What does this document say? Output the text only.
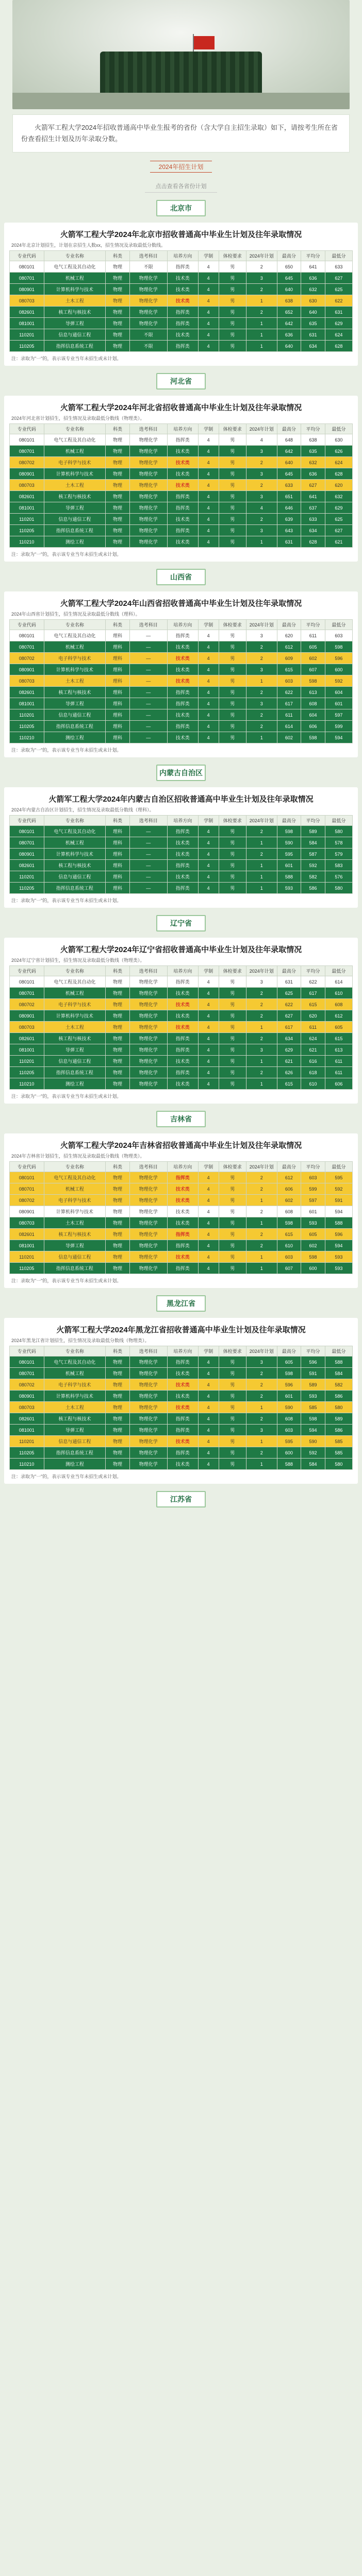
火箭军工程大学2024年招收普通高中毕业生报考的省份（含大学自主招生录取）如下，请按考生所在省份查看招生计划及历年录取分数。
2024年招生计划
点击查看各省份计划
北京市
火箭军工程大学2024年北京市招收普通高中毕业生计划及往年录取情况
2024年北京计划招生，计划在京招生人数xx，招生情况及录取最低分数线。
专业代码	专业名称	科类	选考科目	培养方向	学制	体检要求	2024年计划	最高分	平均分	最低分
080101	电气工程及其自动化	物理	不限	指挥类	4	男	2	650	641	633
080701	机械工程	物理	物理化学	技术类	4	男	3	645	636	627
080901	计算机科学与技术	物理	物理化学	技术类	4	男	2	640	632	625
080703	土木工程	物理	物理化学	技术类	4	男	1	638	630	622
082601	核工程与核技术	物理	物理化学	指挥类	4	男	2	652	640	631
081001	导弹工程	物理	物理化学	指挥类	4	男	1	642	635	629
110201	信息与通信工程	物理	不限	技术类	4	男	1	636	631	624
110205	指挥信息系统工程	物理	不限	指挥类	4	男	1	640	634	628
注：录取为"一"的，表示该专业当年未招生或未计划。
河北省
火箭军工程大学2024年河北省招收普通高中毕业生计划及往年录取情况
2024年河北省计划招生，招生情况及录取最低分数线（物理类）。
专业代码	专业名称	科类	选考科目	培养方向	学制	体检要求	2024年计划	最高分	平均分	最低分
080101	电气工程及其自动化	物理	物理化学	指挥类	4	男	4	648	638	630
080701	机械工程	物理	物理化学	技术类	4	男	3	642	635	626
080702	电子科学与技术	物理	物理化学	技术类	4	男	2	640	632	624
080901	计算机科学与技术	物理	物理化学	技术类	4	男	3	645	636	628
080703	土木工程	物理	物理化学	技术类	4	男	2	633	627	620
082601	核工程与核技术	物理	物理化学	指挥类	4	男	3	651	641	632
081001	导弹工程	物理	物理化学	指挥类	4	男	4	646	637	629
110201	信息与通信工程	物理	物理化学	技术类	4	男	2	639	633	625
110205	指挥信息系统工程	物理	物理化学	指挥类	4	男	3	643	634	627
110210	测绘工程	物理	物理化学	技术类	4	男	1	631	628	621
注：录取为"一"的，表示该专业当年未招生或未计划。
山西省
火箭军工程大学2024年山西省招收普通高中毕业生计划及往年录取情况
2024年山西省计划招生，招生情况及录取最低分数线（理科）。
专业代码	专业名称	科类	选考科目	培养方向	学制	体检要求	2024年计划	最高分	平均分	最低分
080101	电气工程及其自动化	理科	—	指挥类	4	男	3	620	611	603
080701	机械工程	理科	—	技术类	4	男	2	612	605	598
080702	电子科学与技术	理科	—	技术类	4	男	2	609	602	596
080901	计算机科学与技术	理科	—	技术类	4	男	3	615	607	600
080703	土木工程	理科	—	技术类	4	男	1	603	598	592
082601	核工程与核技术	理科	—	指挥类	4	男	2	622	613	604
081001	导弹工程	理科	—	指挥类	4	男	3	617	608	601
110201	信息与通信工程	理科	—	技术类	4	男	2	611	604	597
110205	指挥信息系统工程	理科	—	指挥类	4	男	2	614	606	599
110210	测绘工程	理科	—	技术类	4	男	1	602	598	594
注：录取为"一"的，表示该专业当年未招生或未计划。
内蒙古自治区
火箭军工程大学2024年内蒙古自治区招收普通高中毕业生计划及往年录取情况
2024年内蒙古自治区计划招生，招生情况及录取最低分数线（理科）。
专业代码	专业名称	科类	选考科目	培养方向	学制	体检要求	2024年计划	最高分	平均分	最低分
080101	电气工程及其自动化	理科	—	指挥类	4	男	2	598	589	580
080701	机械工程	理科	—	技术类	4	男	1	590	584	578
080901	计算机科学与技术	理科	—	技术类	4	男	2	595	587	579
082601	核工程与核技术	理科	—	指挥类	4	男	1	601	592	583
110201	信息与通信工程	理科	—	技术类	4	男	1	588	582	576
110205	指挥信息系统工程	理科	—	指挥类	4	男	1	593	586	580
注：录取为"一"的，表示该专业当年未招生或未计划。
辽宁省
火箭军工程大学2024年辽宁省招收普通高中毕业生计划及往年录取情况
2024年辽宁省计划招生，招生情况及录取最低分数线（物理类）。
专业代码	专业名称	科类	选考科目	培养方向	学制	体检要求	2024年计划	最高分	平均分	最低分
080101	电气工程及其自动化	物理	物理化学	指挥类	4	男	3	631	622	614
080701	机械工程	物理	物理化学	技术类	4	男	2	625	617	610
080702	电子科学与技术	物理	物理化学	技术类	4	男	2	622	615	608
080901	计算机科学与技术	物理	物理化学	技术类	4	男	2	627	620	612
080703	土木工程	物理	物理化学	技术类	4	男	1	617	611	605
082601	核工程与核技术	物理	物理化学	指挥类	4	男	2	634	624	615
081001	导弹工程	物理	物理化学	指挥类	4	男	3	629	621	613
110201	信息与通信工程	物理	物理化学	技术类	4	男	1	621	616	611
110205	指挥信息系统工程	物理	物理化学	指挥类	4	男	2	626	618	611
110210	测绘工程	物理	物理化学	技术类	4	男	1	615	610	606
注：录取为"一"的，表示该专业当年未招生或未计划。
吉林省
火箭军工程大学2024年吉林省招收普通高中毕业生计划及往年录取情况
2024年吉林省计划招生，招生情况及录取最低分数线（物理类）。
专业代码	专业名称	科类	选考科目	培养方向	学制	体检要求	2024年计划	最高分	平均分	最低分
080101	电气工程及其自动化	物理	物理化学	指挥类	4	男	2	612	603	595
080701	机械工程	物理	物理化学	技术类	4	男	2	606	599	592
080702	电子科学与技术	物理	物理化学	技术类	4	男	1	602	597	591
080901	计算机科学与技术	物理	物理化学	技术类	4	男	2	608	601	594
080703	土木工程	物理	物理化学	技术类	4	男	1	598	593	588
082601	核工程与核技术	物理	物理化学	指挥类	4	男	2	615	605	596
081001	导弹工程	物理	物理化学	指挥类	4	男	2	610	602	594
110201	信息与通信工程	物理	物理化学	技术类	4	男	1	603	598	593
110205	指挥信息系统工程	物理	物理化学	指挥类	4	男	1	607	600	593
注：录取为"一"的，表示该专业当年未招生或未计划。
黑龙江省
火箭军工程大学2024年黑龙江省招收普通高中毕业生计划及往年录取情况
2024年黑龙江省计划招生，招生情况及录取最低分数线（物理类）。
专业代码	专业名称	科类	选考科目	培养方向	学制	体检要求	2024年计划	最高分	平均分	最低分
080101	电气工程及其自动化	物理	物理化学	指挥类	4	男	3	605	596	588
080701	机械工程	物理	物理化学	技术类	4	男	2	598	591	584
080702	电子科学与技术	物理	物理化学	技术类	4	男	2	596	589	582
080901	计算机科学与技术	物理	物理化学	技术类	4	男	2	601	593	586
080703	土木工程	物理	物理化学	技术类	4	男	1	590	585	580
082601	核工程与核技术	物理	物理化学	指挥类	4	男	2	608	598	589
081001	导弹工程	物理	物理化学	指挥类	4	男	3	603	594	586
110201	信息与通信工程	物理	物理化学	技术类	4	男	1	595	590	585
110205	指挥信息系统工程	物理	物理化学	指挥类	4	男	2	600	592	585
110210	测绘工程	物理	物理化学	技术类	4	男	1	588	584	580
注：录取为"一"的，表示该专业当年未招生或未计划。
江苏省
